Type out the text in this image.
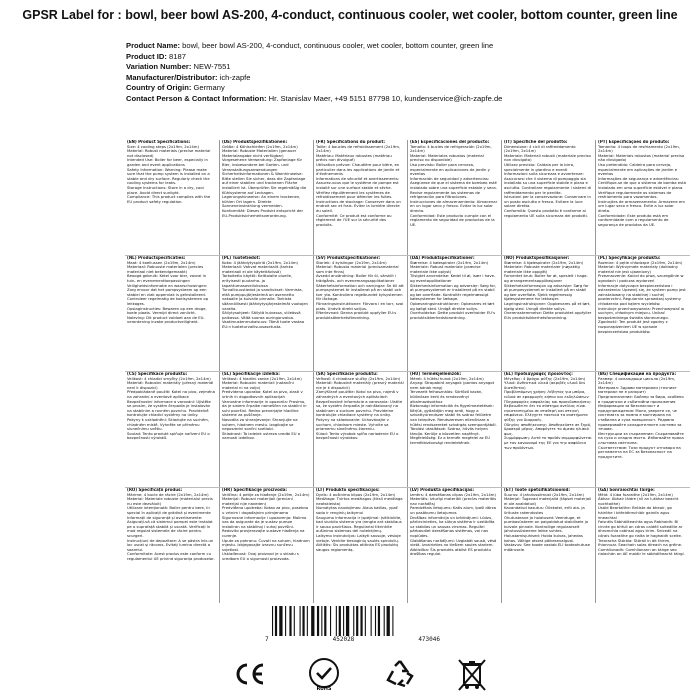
GPSR Label for : bowl, beer bowl AS-200, 4-conduct, continuous cooler, wet cooler, bottom counter, green line
Product Name: bowl, beer bowl AS-200, 4-conduct, continuous cooler, wet cooler, bottom counter, green line
Product ID: 8187
Variation Number: NEW-7551
Manufacturer/Distributor: ich-zapfe
Country of Origin: Germany
Contact Person & Contact Information: Hr. Stanislav Maer, +49 5151 87798 10, kundenservice@ich-zapfe.de
(EN) Product Specifications:
Size: 4 cooling steps (2x19m, 2x14m)
Material: Robust materials (precise material not disclosed)
Intended Use: Boiler for beer, especially in garden and event applications
Safety Information: Warning: Please make sure that the pump system is installed on a stable and dry surface. Regularly check the cooling systems for leaks.
Storage Instructions: Store in a dry, cool place. Avoid direct sunlight.
Compliance: This product complies with the EU product safety regulation.
(DE) Produktspezifikationen:
Größe: 4 Kühlschleifen (2x19m, 2x14m)
Material: Robuste Materialien (genauer Materialangabe nicht verfügbar)
Vorgesehene Verwendung: Zapfanlage für Bier, insbesondere bei Garten- und Veranstaltungsanwendungen
Sicherheitsinformationen & Warnhinweise: Bitte stellen Sie sicher, dass die Zapfanlage auf einer stabilen und trockenen Fläche installiert ist. Überprüfen Sie regelmäßig die Kühlsysteme auf Leckagen.
Lagerungshinweise: An einem trockenen, kühlen Ort lagern. Direkte Sonneneinstrahlung vermeiden.
Konformität: Dieses Produkt entspricht der EU-Produktsicherheitsverordnung.
(FR) Spécifications du produit:
Taille: 4 boucles de refroidissement (2x19m, 2x14m)
Matériau: Matériaux robustes (matériau précis non divulgué)
Utilisation prévue: Chaudière pour bière, en particulier dans les applications de jardin et d'événements
Informations de sécurité et avertissements: Assurez-vous que le système de pompe est installé sur une surface stable et sèche. Vérifiez régulièrement les systèmes de refroidissement pour détecter les fuites.
Instructions de stockage: Conserver dans un endroit sec et frais. Éviter la lumière directe du soleil.
Conformité: Ce produit est conforme au règlement de l'UE sur la sécurité des produits.
(ES) Especificaciones del producto:
Tamaño: 4 bucles de refrigeración (2x19m, 2x14m)
Material: Materiales robustos (material preciso no disponible)
Uso previsto: Boiler para cerveza, especialmente en aplicaciones de jardín y eventos
Información de seguridad y advertencias: Asegúrese de que el sistema de bombeo esté instalado sobre una superficie estable y seca. Revise regularmente los sistemas de refrigeración para filtraciones.
Instrucciones de almacenamiento: Almacenar en un lugar seco y fresco. Evitar la luz solar directa.
Conformidad: Este producto cumple con el reglamento de seguridad de productos de la UE.
(IT) Specifiche del prodotto:
Dimensione: 4 cicli di raffreddamento (2x19m, 2x14m)
Materiale: Materiali robusti (materiale preciso non divulgato)
Utilizzo previsto: Caldaia per la birra, specialmente in giardino e eventi
Informazioni sulla sicurezza e avvertenze: Assicurarsi che il sistema di pompaggio sia installato su una superficie stabile e piana e asciutta. Controllare regolarmente i sistemi di raffreddamento per le perdite.
Istruzioni per la conservazione: Conservare in un posto asciutto e fresco. Evitare la luce solare diretta.
Conformità: Questo prodotto è conforme al regolamento UE sulla sicurezza dei prodotti.
(PT) Especificações do produto:
Tamanho: 4 loops de resfriamento (2x19m, 2x14m)
Material: Materiais robustos (material preciso não divulgado)
Uso pretendido: Caldeira para cerveja, especialmente em aplicações de jardim e eventos
Informações de segurança e advertências: Certifique-se de que o sistema de bomba está instalado em uma superfície estável e plana. Verifique regularmente os sistemas de resfriamento para vazamentos.
Instruções de armazenamento: Armazene em um lugar seco e fresco. Evite a luz solar direta.
Conformidade: Este produto está em conformidade com o regulamento de segurança de produtos da UE.
(NL) Productspecificaties:
Maat: 4 koellussen (2x19m, 2x14m)
Materiaal: Robuuste materialen (precies materiaal niet bekendgemaakt)
Beoogd gebruik: Ketel voor bier, vooral in tuin- en evenementtoepassingen
Veiligheidsinformatie en waarschuwingen: Zorg ervoor dat het pompsysteem op een stabiel en vlak oppervlak is geïnstalleerd. Controleer regelmatig de koelsystemen op lekkages.
Opslaginstructies: Bewaren op een droge, koele plaats. Vermijd direct zonlicht.
Naleving: Dit product voldoet aan de EU-verordening inzake productveiligheid.
(PL) Tuotetiedot:
Koko: 4 jäähdytyspiiriä (2x19m, 2x14m)
Materiaali: Vahvat materiaalit (tarkka materiaali ei ole käytettävissä)
Tarkoitettu käyttö: Keittolaite oluelle, erityisesti puutarha- ja tapahtumasovelluksissa
Turvallisuustiedot ja varoitukset: Varmista, että pumppujärjestelmä on asennettu vakaalle ja kuivalle pinnalle. Tarkista säännöllisesti jäähdytysjärjestelmät vuotojen varalta.
Säilytysohjeet: Säilytä kuivassa, viileässä paikassa. Vältä suoraa auringonvaloa.
Vaatimustenmukaisuus: Tämä tuote vastaa EU:n tuoteturvallisuusasetusta.
(SV) Produktspecifikationer:
Storlek: 4 kylslingor (2x19m, 2x14m)
Material: Robusta material (precisamaterial som inte finns)
Avsedd användning: Boiler för öl, särskilt i trädgårds- och evenemangsapplikationer
Säkerhetsinformation och varningar: Se till att pumpsystemet är installerat på en stabil och torr yta. Kontrollera regelbundet kylsystemen för läckage.
Förvaringsinstruktioner: Förvara i en torr, sval plats. Undvik direkt solljus.
Efterlevnad: Denna produkt uppfyller EU:s produktsäkerhetsförordning.
(DA) Produktspecifikationer:
Størrelse: 4 kølespiraler (2x19m, 2x14m)
Materiale: Robust materiale (præcise materiale ikke oplyst)
Tilsigtet anvendelse: Kedel til øl, især i have- og eventapplikationer
Sikkerhedsinformation og advarsler: Sørg for, at pumpesystemet er installeret på en stabil og tør overflade. Kontrollér regelmæssigt kølesystemer for lækage.
Opbevaringsinstruktioner: Opbevares et tørt og køligt sted. Undgå direkte sollys.
Overholdelse: Dette produkt overholder EU's produktsikkerhedsforordning.
(NO) Produktspesifikasjoner:
Størrelse: 4 kjølespiraler (2x19m, 2x14m)
Materiale: Robuste materialer (nøyaktig materiale ikke oppgitt)
Forventet bruk: Boiler for øl, spesielt i hage- og arrangementsapplikasjoner
Sikkerhetsinformasjon og advarsler: Sørg for at pumpesystemet er installert på en stabil og tørr overflate. Sjekk regelmessig kjølesystemene for lekkasjer.
Lagringsinstruksjoner: Oppbevares på et tørt, kjølig sted. Unngå direkte sollys.
Overensstemmelse: Dette produktet oppfyller EUs produktsikkerhetsforordning.
(PL) Specyfikacje produktu:
Rozmiar: 4 pętle chłodzące (2x19m, 2x14m)
Materiał: Wytrzymałe materiały (dokładny materiał nie jest ujawniony)
Przeznaczenie: Kocioł do piwa, szczególnie w ogrodach i podczas wydarzeń
Informacje dotyczące bezpieczeństwa i ostrzeżenia: Upewnij się, że system pomp jest zainstalowany na stabilnej i suchej powierzchni. Regularnie sprawdzaj systemy chłodzenia pod kątem wycieków.
Instrukcje przechowywania: Przechowywać w suchym, chłodnym miejscu. Unikać bezpośredniego światła słonecznego.
Zgodność: Ten produkt jest zgodny z rozporządzeniem UE w sprawie bezpieczeństwa produktów.
(CS) Specifikace produktu:
Velikost: 4 chladicí smyčky (2x19m, 2x14m)
Materiál: Robustní materiály (přesný materiál není k dispozici)
Předpokládané použití: Kotel na pivo, zejména na zahradní a eventové aplikace
Bezpečnostní informace a varování: Ujistěte se prosím, že systém čerpadla je instalován na stabilním a rovném povrchu. Pravidelně kontrolujte chladicí systémy na úniky.
Pokyny k uskladnění: Skladujte na suchém, chladném místě. Vyhněte se přímému slunečnímu světlu.
Soulad: Tento produkt splňuje nařízení EU o bezpečnosti výrobků.
(SL) Specifikacije izdelka:
Velikost: 4 hladilni zanke (2x19m, 2x14m)
Material: Robustni materiali (natančni material ni na voljo)
Predvidena uporaba: Kotel za pivo, zlasti v vrtnih in dogodkovnih aplikacijah
Varnostne informacije in opozorila: Prosimo, da je sistem črpalke nameščen na stabilni in suhi površini. Redno preverjajte hladilne sisteme za puščanje.
Navodila za shranjevanje: Shranjujte na suhem, hladnem mestu. Izogibajte se neposredni sončni svetlobi.
Skladnost: Ta izdelek ustreza uredbi EU o varnosti izdelkov.
(SK) Špecifikácie produktu:
Veľkosť: 4 chladiace slučky (2x19m, 2x14m)
Materiál: Robustné materiály (presný materiál nie je k dispozícii)
Zamýšľané použitie: Kotol na pivo, najmä v záhradných a eventových aplikáciách
Bezpečnostné informácie a varovania: Uistite sa, že systém čerpadla je nainštalovaný na stabilnom a suchom povrchu. Pravidelne kontrolujte chladiace systémy na úniky.
Pokyny na skladovanie: Uchovávajte v suchom, chladnom mieste. Vyhnite sa priamemu slnečnému žiareniu.
Súlad: Tento výrobok spĺňa nariadenie EÚ o bezpečnosti výrobkov.
(HU) Termékjellemzők:
Méret: 4 hűtési hurok (2x19m, 2x14m)
Anyag: Strapabíró anyagok (pontos anyagot nem adnak meg)
Tervezett felhasználás: Sörfőző kazán, különösen kerti és rendezvényi alkalmazásokhoz
Biztonsági információk és figyelmeztetések: Kérjük, győződjön meg arról, hogy a szivattyúrendszer stabil és száraz felületre van telepítve. Rendszeresen ellenőrizze a hűtési rendszereket szivárgás szempontjából.
Tárolási utasítások: Száraz, hűvös helyen tárolja. Kerülje a közvetlen napfényt.
Megfelelőség: Ez a termék megfelel az EU termékbiztonsági rendeletének.
(EL) Προδιαγραφές προϊόντος:
Μέγεθος: 4 βρόχοι ψύξης (2x19m, 2x14m)
Υλικό: Ανθεκτικά υλικά (ακριβές υλικό δεν διατίθεται)
Προβλεπόμενη χρήση: Λέβητας για μπύρα, ειδικά σε εφαρμογές κήπου και εκδηλώσεων
Πληροφορίες ασφαλείας και προειδοποιήσεις: Βεβαιωθείτε ότι το σύστημα αντλίας είναι εγκατεστημένο σε σταθερή και στεγνή επιφάνεια. Ελέγχετε τακτικά τα συστήματα ψύξης για διαρροές.
Οδηγίες αποθήκευσης: Αποθηκεύστε σε ξηρό, δροσερό μέρος. Αποφύγετε το άμεσο ηλιακό φως.
Συμμόρφωση: Αυτό το προϊόν συμμορφώνεται με τον κανονισμό της ΕΕ για την ασφάλεια των προϊόντων.
(BG) Спецификации на продукта:
Размер: 4 охлаждащи цикъла (2x19m, 2x14m)
Материал: Здрави материали (точният материал не е разкрит)
Предназначение: Бойлер за бира, особено в градински и събитийни приложения
Информация за безопасност и предупреждения: Моля, уверете се, че системата за помпа е монтирана на стабилна и суха повърхност. Редовно проверявайте охладителните системи за течове.
Инструкции за съхранение: Съхранявайте на сухо и хладно място. Избягвайте пряка слънчева светлина.
Съответствие: Този продукт отговаря на регламента на ЕС за безопасност на продуктите.
(RO) Specificații produs:
Mărime: 4 bucle de răcire (2x19m, 2x14m)
Material: Materiale robuste (materialul precis nu este dezvăluit)
Utilizare intenționată: Boiler pentru bere, în special în aplicații de grădină și evenimente
Informații de siguranță și avertismente: Asigurați-vă că sistemul pompei este instalat pe o suprafață stabilă și uscată. Verificați în mod regulat sistemele de răcire pentru scurgeri.
Instrucțiuni de depozitare: A se păstra într-un loc uscat și răcoros. Evitați lumina directă a soarelui.
Conformitate: Acest produs este conform cu regulamentul UE privind siguranța produselor.
(HR) Specifikacije proizvoda:
Veličina: 4 petlje za hlađenje (2x19m, 2x14m)
Materijal: Robusni materijali (precizni materijal nije naveden)
Predviđena upotreba: Kotao za pivo, posebno u vrtnim i događajnim primjenama
Sigurnosne informacije i upozorenja: Molimo vas da osigurate da je sustav pumpe instaliran na stabilnoj i suhoj površini. Redovito provjeravajte sustave hlađenja na curenje.
Upute za pohranu: Čuvati na suhom, hladnom mjestu. Izbjegavajte izravnu sunčevu svjetlost.
Usklađenost: Ovaj proizvod je u skladu s uredbom EU o sigurnosti proizvoda.
(LT) Produkto specifikacijos:
Dydis: 4 aušinimo kilpos (2x19m, 2x14m)
Medžiaga: Tvirtos medžiagos (tiksli medžiaga neatskleista)
Numatytas naudojimas: Alaus katilas, ypač sodo ir renginių taikymui
Saugumo informacija ir įspėjimai: Įsitikinkite, kad siurblio sistema yra įrengta ant stabilaus ir sauso paviršiaus. Reguliariai tikrinkite aušinimo sistemas dėl nutekėjimų.
Laikymo instrukcijos: Laikyti sausoje, vėsioje vietoje. Venkite tiesioginių saulės spindulių.
Atitiktis: Šis produktas atitinka ES produktų saugos reglamentą.
(LV) Produkta specifikācijas:
Izmērs: 4 dzesēšanas cilpas (2x19m, 2x14m)
Materiāls: Izturīgi materiāli (precīzs materiāls nav norādīts)
Paredzētais lietojums: Katls alum, īpaši dārza un pasākumu lietojumos
Drošības informācija un brīdinājumi: Lūdzu, pārliecinieties, ka sūkņa sistēma ir uzstādīta uz stabilas un sausas virsmas. Regulāri pārbaudiet dzesēšanas sistēmas, vai nav noplūdes.
Glabāšanas norādījumi: Uzglabāt sausā, vēsā vietā. Izvairieties no tiešiem saules stariem.
Atbilstība: Šis produkts atbilst ES produktu drošības regulai.
(ET) Toote spetsifikatsioonid:
Suurus: 4 jahutussilmust (2x19m, 2x14m)
Materjal: Tugevad materjalid (täpset materjali ei ole avaldatud)
Kavandatud kasutus: Õllekatel, eriti aia- ja ürituste rakendustes
Ohutusteave ja hoiatused: Veenduge, et pumbasüsteem on paigaldatud stabiilsele ja kuivale pinnale. Kontrollige regulaarselt jahutussüsteeme lekke suhtes.
Hoiustamisjuhised: Hoida kuivas, jahedas kohas. Vältige otsest päikesevalgust.
Vastavus: See toode vastab ELi tooteohutuse määrusele.
(GA) Sonraíochtaí Táirge:
Méid: 4 lúba fuaraithe (2x19m, 2x14m)
Ábhar: Ábhair láidre (níl an t-ábhar beacht nochtaithe)
Úsáid Beartaithe: Bróiste do bheoir, go háirithe i bhfeidhmchláir gairdín agus imeachtaí
Faisnéis Sábháilteachta agus Rabhaidh: Bí cinnte go bhfuil an córas caidéil suiteáilte ar dhromchla cobhsaí agus tirim. Seiceáil na córais fuaraithe go rialta le haghaidh sceite.
Treoracha Stórála: Stóráil in áit thirim, fhionnuar. Seachain solas díreach na gréine.
Comhlíonadh: Comhlíonann an táirge seo rialachán an AE maidir le sábháilteacht táirgí.
7	452028	473046
RoHS
